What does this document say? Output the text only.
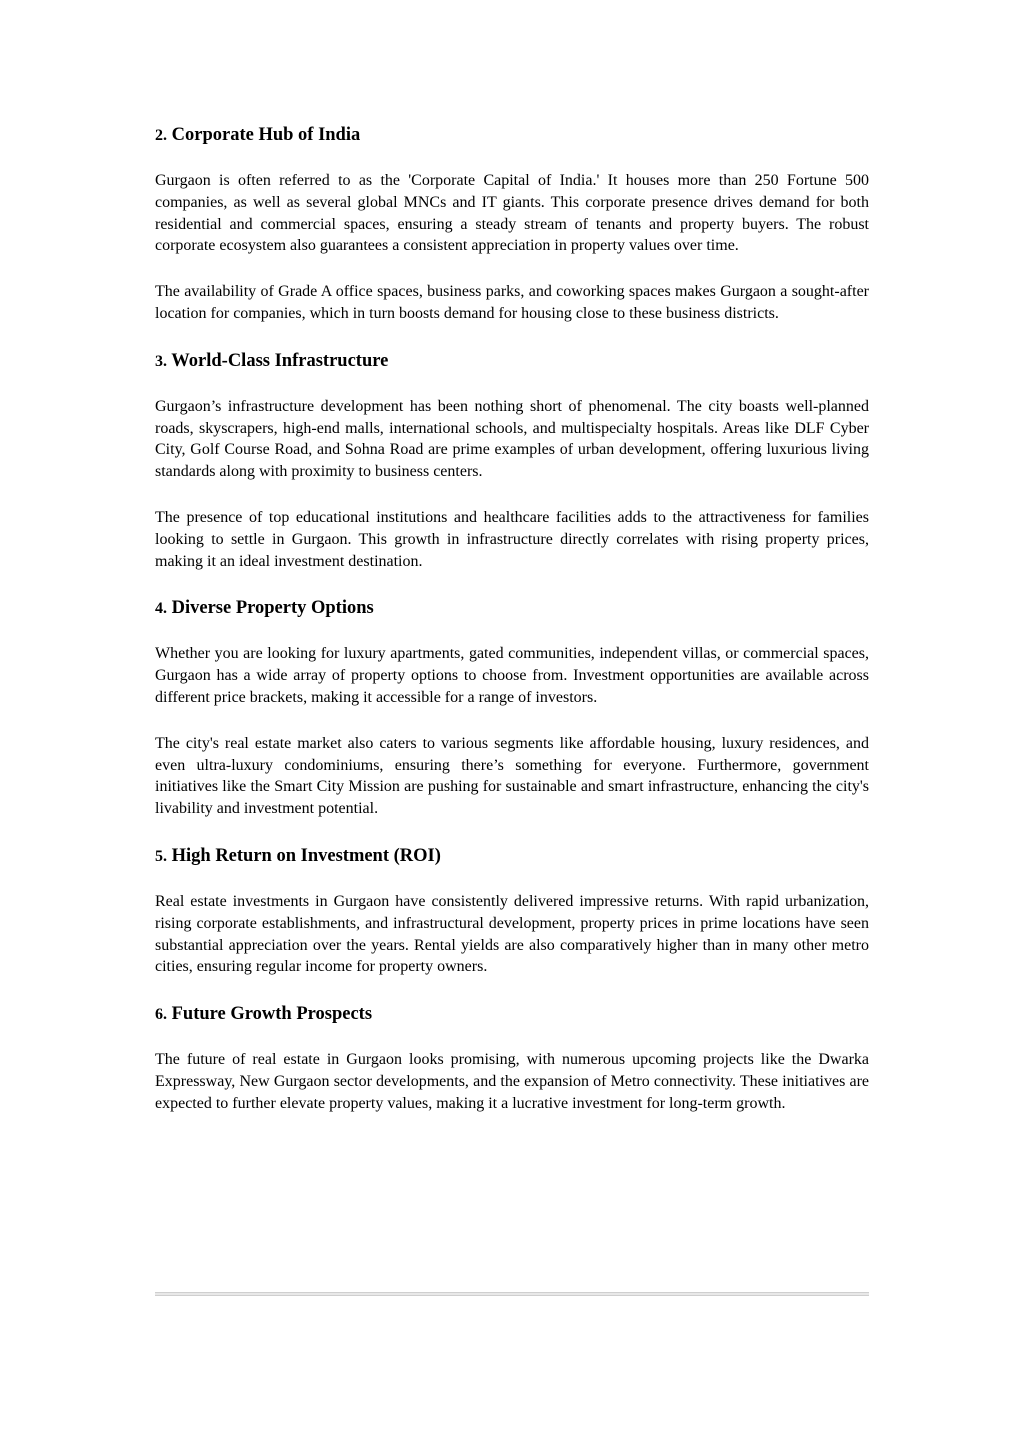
2. Corporate Hub of India

Gurgaon is often referred to as the 'Corporate Capital of India.' It houses more than 250 Fortune 500 companies, as well as several global MNCs and IT giants. This corporate presence drives demand for both residential and commercial spaces, ensuring a steady stream of tenants and property buyers. The robust corporate ecosystem also guarantees a consistent appreciation in property values over time.

The availability of Grade A office spaces, business parks, and coworking spaces makes Gurgaon a sought-after location for companies, which in turn boosts demand for housing close to these business districts.

3. World-Class Infrastructure

Gurgaon’s infrastructure development has been nothing short of phenomenal. The city boasts well-planned roads, skyscrapers, high-end malls, international schools, and multispecialty hospitals. Areas like DLF Cyber City, Golf Course Road, and Sohna Road are prime examples of urban development, offering luxurious living standards along with proximity to business centers.

The presence of top educational institutions and healthcare facilities adds to the attractiveness for families looking to settle in Gurgaon. This growth in infrastructure directly correlates with rising property prices, making it an ideal investment destination.

4. Diverse Property Options

Whether you are looking for luxury apartments, gated communities, independent villas, or commercial spaces, Gurgaon has a wide array of property options to choose from. Investment opportunities are available across different price brackets, making it accessible for a range of investors.

The city's real estate market also caters to various segments like affordable housing, luxury residences, and even ultra-luxury condominiums, ensuring there’s something for everyone. Furthermore, government initiatives like the Smart City Mission are pushing for sustainable and smart infrastructure, enhancing the city's livability and investment potential.

5. High Return on Investment (ROI)

Real estate investments in Gurgaon have consistently delivered impressive returns. With rapid urbanization, rising corporate establishments, and infrastructural development, property prices in prime locations have seen substantial appreciation over the years. Rental yields are also comparatively higher than in many other metro cities, ensuring regular income for property owners.

6. Future Growth Prospects

The future of real estate in Gurgaon looks promising, with numerous upcoming projects like the Dwarka Expressway, New Gurgaon sector developments, and the expansion of Metro connectivity. These initiatives are expected to further elevate property values, making it a lucrative investment for long-term growth.
